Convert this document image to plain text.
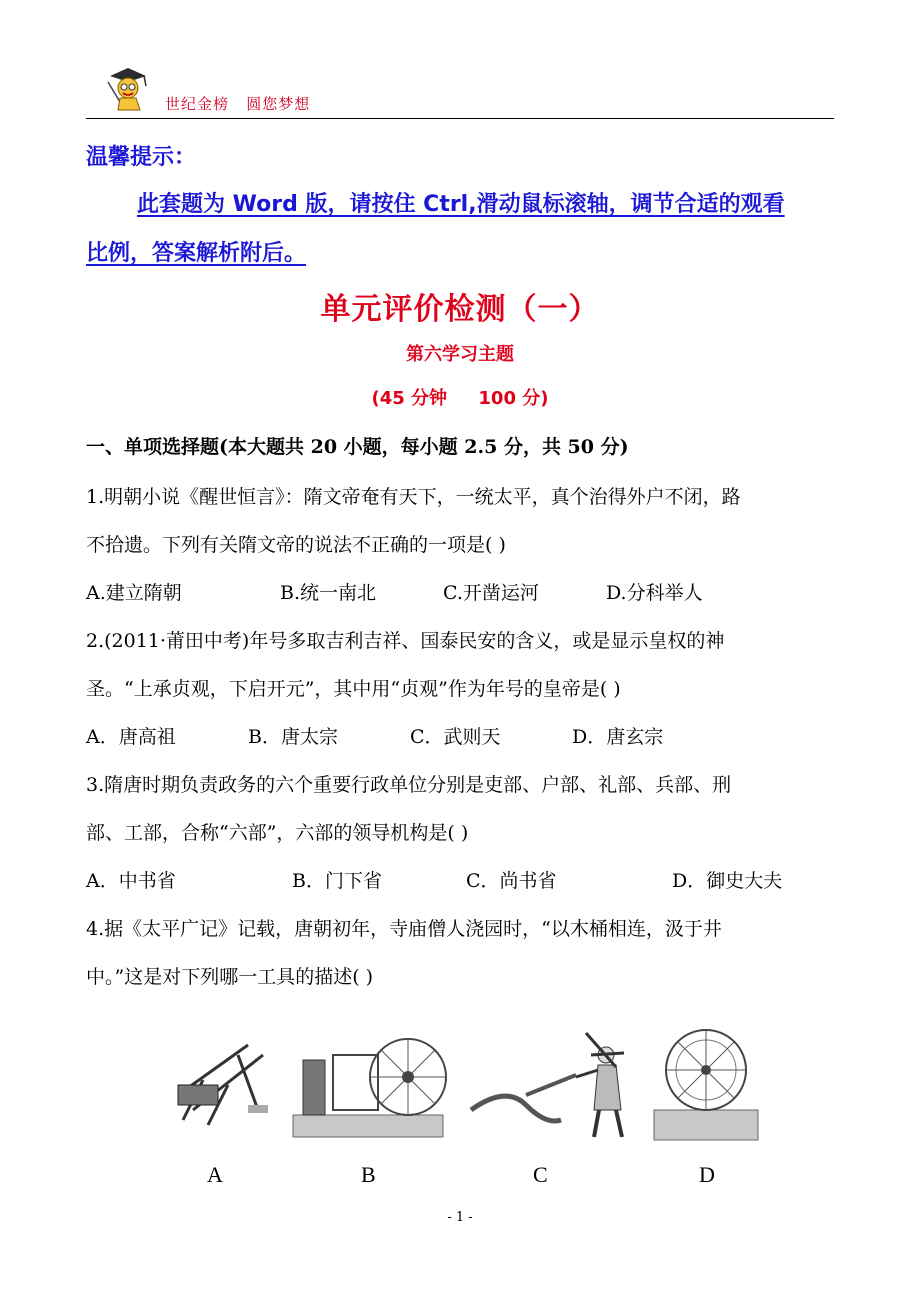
世纪金榜   圆您梦想
温馨提示：
此套题为 Word 版，请按住 Ctrl,滑动鼠标滚轴，调节合适的观看
比例，答案解析附后。
单元评价检测（一）
第六学习主题
(45 分钟     100 分)
一、单项选择题(本大题共 20 小题，每小题 2.5 分，共 50 分)
1.明朝小说《醒世恒言》：隋文帝奄有天下，一统太平，真个治得外户不闭，路
不拾遗。下列有关隋文帝的说法不正确的一项是( )
A.建立隋朝	B.统一南北	C.开凿运河	D.分科举人
2.(2011·莆田中考)年号多取吉利吉祥、国泰民安的含义，或是显示皇权的神
圣。“上承贞观，下启开元”，其中用“贞观”作为年号的皇帝是( )
A．唐高祖	B．唐太宗	C．武则天	D．唐玄宗
3.隋唐时期负责政务的六个重要行政单位分别是吏部、户部、礼部、兵部、刑
部、工部，合称“六部”，六部的领导机构是( )
A．中书省	B．门下省	C．尚书省	D．御史大夫
4.据《太平广记》记载，唐朝初年，寺庙僧人浇园时，“以木桶相连，汲于井
中。”这是对下列哪一工具的描述( )
A	B	C	D
- 1 -
